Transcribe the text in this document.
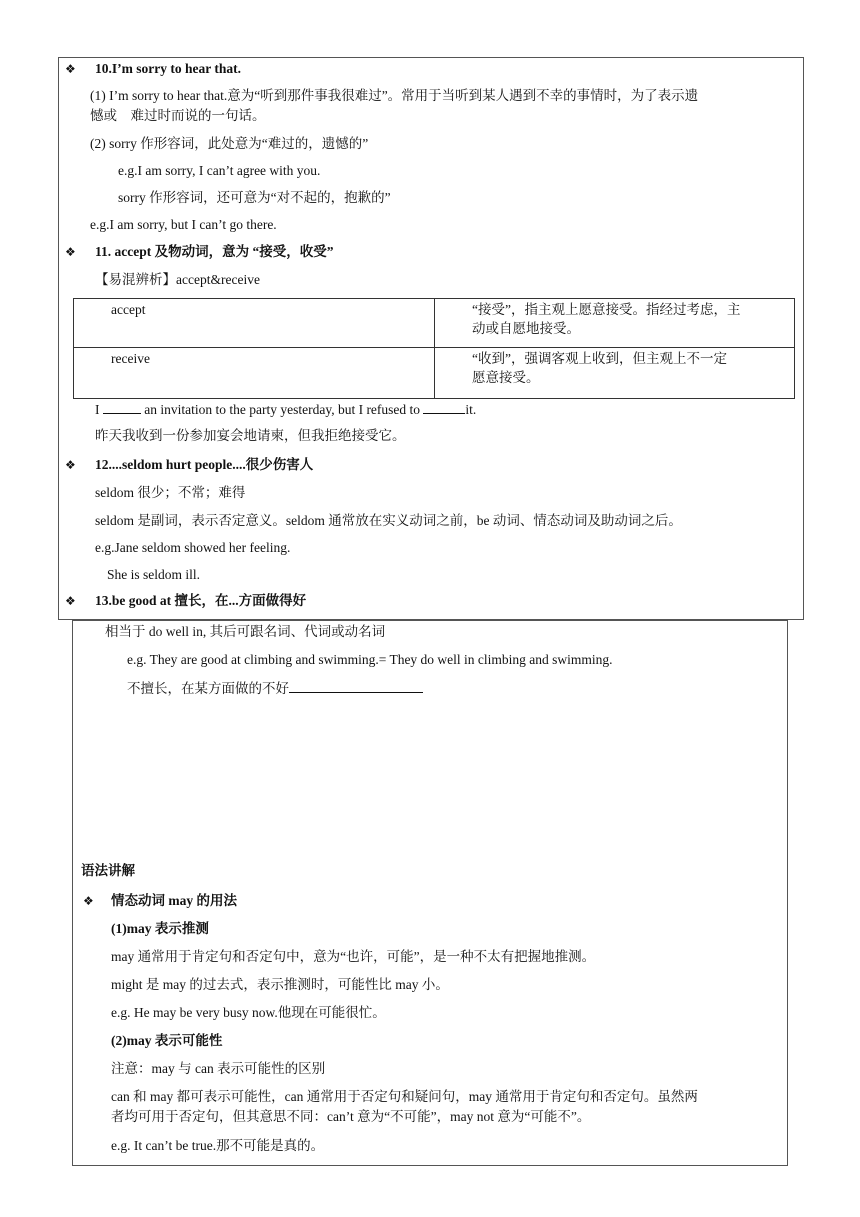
❖ 10.I’m sorry to hear that.
(1) I’m sorry to hear that.意为“听到那件事我很难过”。常用于当听到某人遇到不幸的事情时，为了表示遗
憾或　难过时而说的一句话。
(2) sorry 作形容词，此处意为“难过的，遗憾的”
e.g.I am sorry, I can’t agree with you.
sorry 作形容词，还可意为“对不起的，抱歉的”
e.g.I am sorry, but I can’t go there.
❖ 11. accept 及物动词，意为 “接受，收受”
【易混辨析】accept&receive
accept	“接受”，指主观上愿意接受。指经过考虑，主
动或自愿地接受。
receive	“收到”，强调客观上收到，但主观上不一定
愿意接受。
I	an invitation to the party yesterday, but I refused to	it.
昨天我收到一份参加宴会地请柬，但我拒绝接受它。
❖ 12....seldom hurt people....很少伤害人
seldom 很少；不常；难得
seldom 是副词，表示否定意义。seldom 通常放在实义动词之前，be 动词、情态动词及助动词之后。
e.g.Jane seldom showed her feeling.
She is seldom ill.
❖ 13.be good at 擅长，在...方面做得好
相当于 do well in, 其后可跟名词、代词或动名词
e.g. They are good at climbing and swimming.= They do well in climbing and swimming.
不擅长，在某方面做的不好
语法讲解
❖ 情态动词 may 的用法
(1)may 表示推测
may 通常用于肯定句和否定句中，意为“也许，可能”，是一种不太有把握地推测。
might 是 may 的过去式，表示推测时，可能性比 may 小。
e.g. He may be very busy now.他现在可能很忙。
(2)may 表示可能性
注意：may 与 can 表示可能性的区别
can 和 may 都可表示可能性，can 通常用于否定句和疑问句，may 通常用于肯定句和否定句。虽然两
者均可用于否定句，但其意思不同：can’t 意为“不可能”，may not 意为“可能不”。
e.g. It can’t be true.那不可能是真的。
